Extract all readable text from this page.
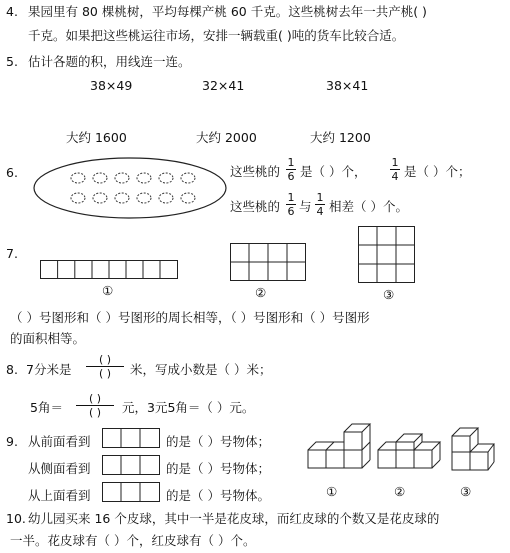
4. 果园里有 80 棵桃树，平均每棵产桃 60 千克。这些桃树去年一共产桃( )
千克。如果把这些桃运往市场，安排一辆载重( )吨的货车比较合适。
5. 估计各题的积，用线连一连。
38×49	32×41	38×41
大约 1600	大约 2000	大约 1200
6.	这些桃的
1
6 是（ ）个，
1
4 是（ ）个；
这些桃的
1
6 与
1
4 相差（ ）个。
7.
①	②	③
（ ）号图形和（ ）号图形的周长相等，（ ）号图形和（ ）号图形
的面积相等。
8. 7分米是
( )
( )	米，写成小数是（ ）米；
5角＝
( )
( )	元，3元5角＝（ ）元。
9. 从前面看到	的是（ ）号物体；
从侧面看到	的是（ ）号物体；
从上面看到	的是（ ）号物体。	①	②	③
10. 幼儿园买来 16 个皮球，其中一半是花皮球，而红皮球的个数又是花皮球的
一半。花皮球有（ ）个，红皮球有（ ）个。
